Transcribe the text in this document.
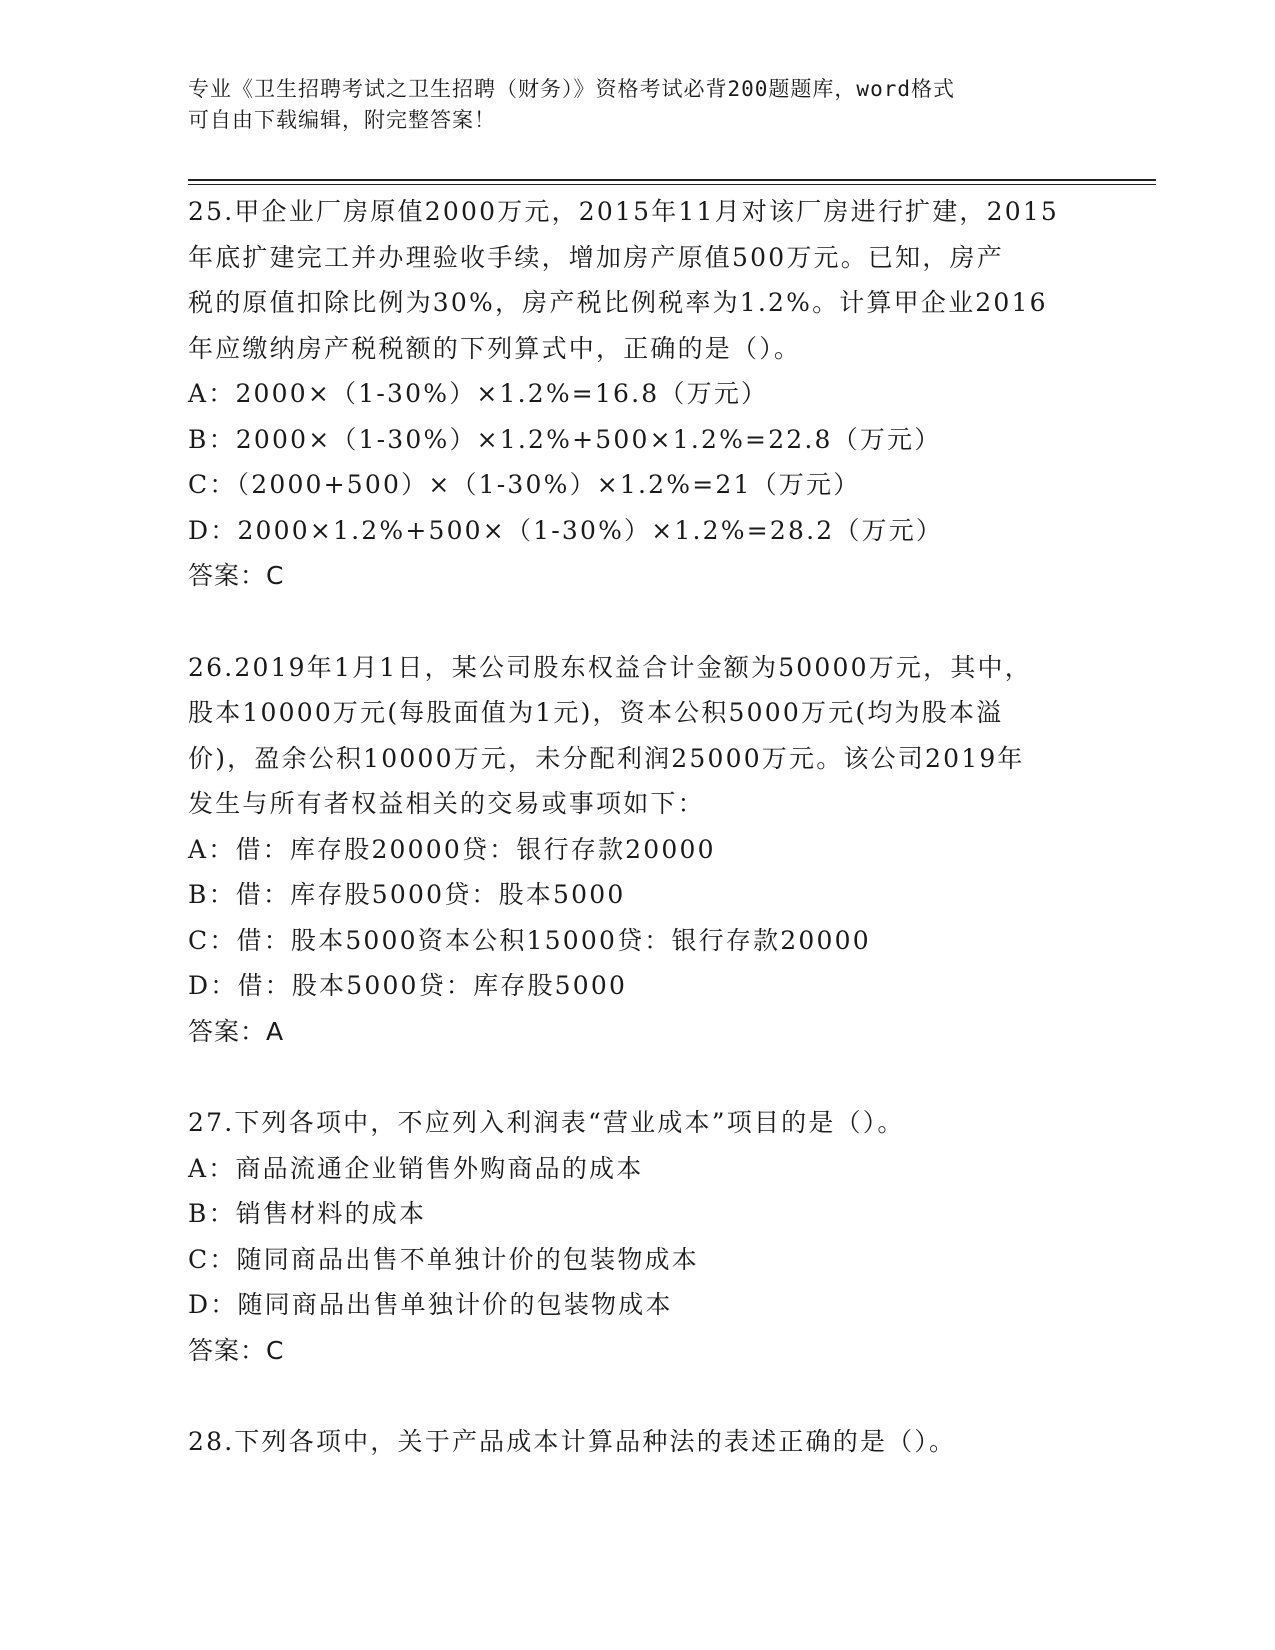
专业《卫生招聘考试之卫生招聘（财务）》资格考试必背200题题库，word格式
可自由下载编辑，附完整答案！
25.甲企业厂房原值2000万元，2015年11月对该厂房进行扩建，2015
年底扩建完工并办理验收手续，增加房产原值500万元。已知，房产
税的原值扣除比例为30%，房产税比例税率为1.2%。计算甲企业2016
年应缴纳房产税税额的下列算式中，正确的是（）。
A：2000×（1-30%）×1.2%=16.8（万元）
B：2000×（1-30%）×1.2%+500×1.2%=22.8（万元）
C：（2000+500）×（1-30%）×1.2%=21（万元）
D：2000×1.2%+500×（1-30%）×1.2%=28.2（万元）
答案：C
26.2019年1月1日，某公司股东权益合计金额为50000万元，其中，
股本10000万元(每股面值为1元)，资本公积5000万元(均为股本溢
价)，盈余公积10000万元，未分配利润25000万元。该公司2019年
发生与所有者权益相关的交易或事项如下：
A：借：库存股20000贷：银行存款20000
B：借：库存股5000贷：股本5000
C：借：股本5000资本公积15000贷：银行存款20000
D：借：股本5000贷：库存股5000
答案：A
27.下列各项中，不应列入利润表“营业成本”项目的是（）。
A：商品流通企业销售外购商品的成本
B：销售材料的成本
C：随同商品出售不单独计价的包装物成本
D：随同商品出售单独计价的包装物成本
答案：C
28.下列各项中，关于产品成本计算品种法的表述正确的是（）。
